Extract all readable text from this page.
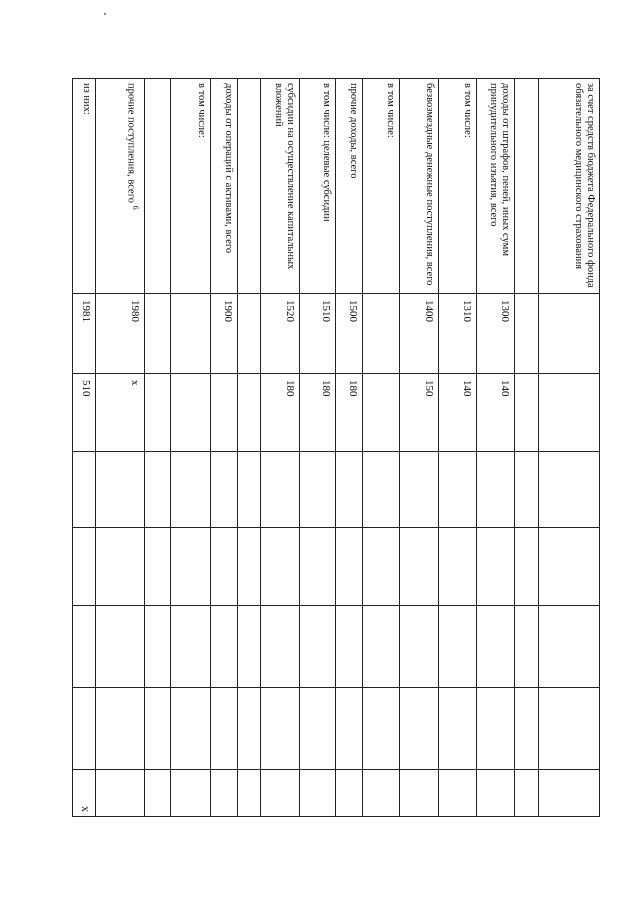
за счет средств бюджета Федерального фонда обязательного медицинского страхования							

доходы от штрафов, пеней, иных сумм принудительного изъятия, всего	1300	140					
в том числе:	1310	140					
безвозмездные денежные поступления, всего	1400	150					
в том числе:							
прочие доходы, всего	1500	180					
в том числе: целевые субсидии	1510	180					
субсидии на осуществление капитальных вложений	1520	180					

доходы от операций с активами, всего	1900						
в том числе:							

прочие поступления, всего $^6$	1980	х					
из них:	1981	510					х
